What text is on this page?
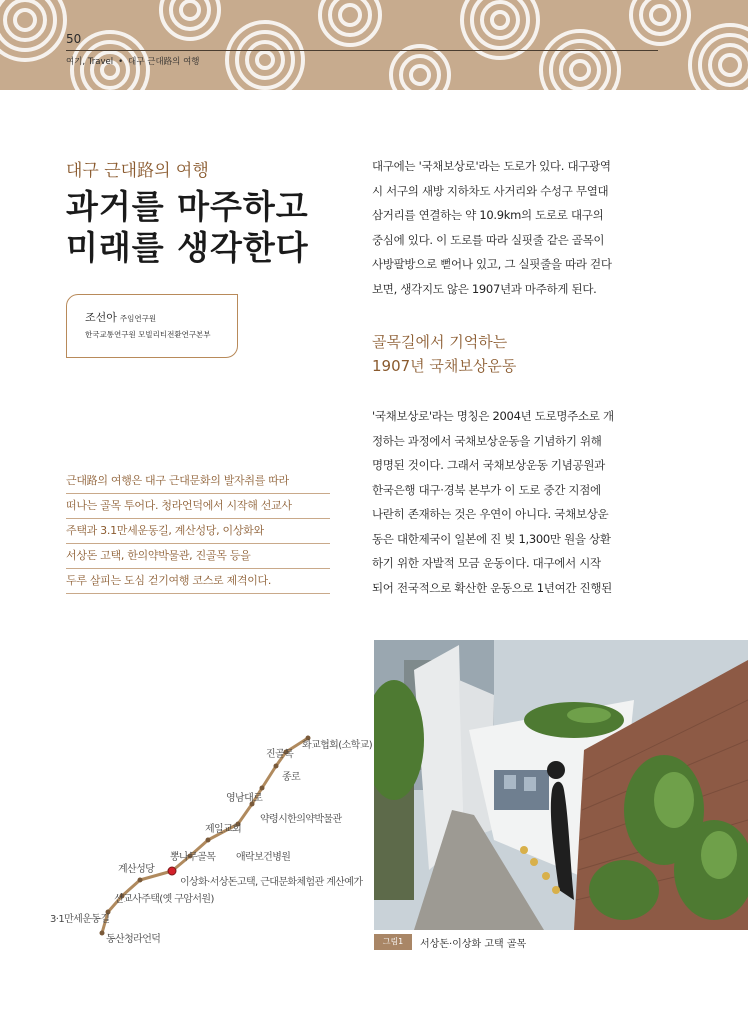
50
여기, Travel • 대구 근대路의 여행
대구 근대路의 여행
과거를 마주하고
미래를 생각한다
조선아 주임연구원
한국교통연구원 모빌리티전환연구본부
근대路의 여행은 대구 근대문화의 발자취를 따라
떠나는 골목 투어다. 청라언덕에서 시작해 선교사
주택과 3.1만세운동길, 계산성당, 이상화와
서상돈 고택, 한의약박물관, 진골목 등을
두루 살피는 도심 걷기여행 코스로 제격이다.
대구에는 '국채보상로'라는 도로가 있다. 대구광역
시 서구의 새방 지하차도 사거리와 수성구 무열대
삼거리를 연결하는 약 10.9km의 도로로 대구의
중심에 있다. 이 도로를 따라 실핏줄 같은 골목이
사방팔방으로 뻗어나 있고, 그 실핏줄을 따라 걷다
보면, 생각지도 않은 1907년과 마주하게 된다.
골목길에서 기억하는
1907년 국채보상운동
'국채보상로'라는 명칭은 2004년 도로명주소로 개
정하는 과정에서 국채보상운동을 기념하기 위해
명명된 것이다. 그래서 국채보상운동 기념공원과
한국은행 대구·경북 본부가 이 도로 중간 지점에
나란히 존재하는 것은 우연이 아니다. 국채보상운
동은 대한제국이 일본에 진 빚 1,300만 원을 상환
하기 위한 자발적 모금 운동이다. 대구에서 시작
되어 전국적으로 확산한 운동으로 1년여간 진행된
화교협회(소학교)
진골목
종로
영남대로
약령시한의약박물관
제일교회
뽕나무골목 애락보건병원
계산성당
이상화·서상돈고택, 근대문화체험관 계산예가
선교사주택(옛 구암서원)
3·1만세운동길
동산청라언덕	그림1	서상돈·이상화 고택 골목
